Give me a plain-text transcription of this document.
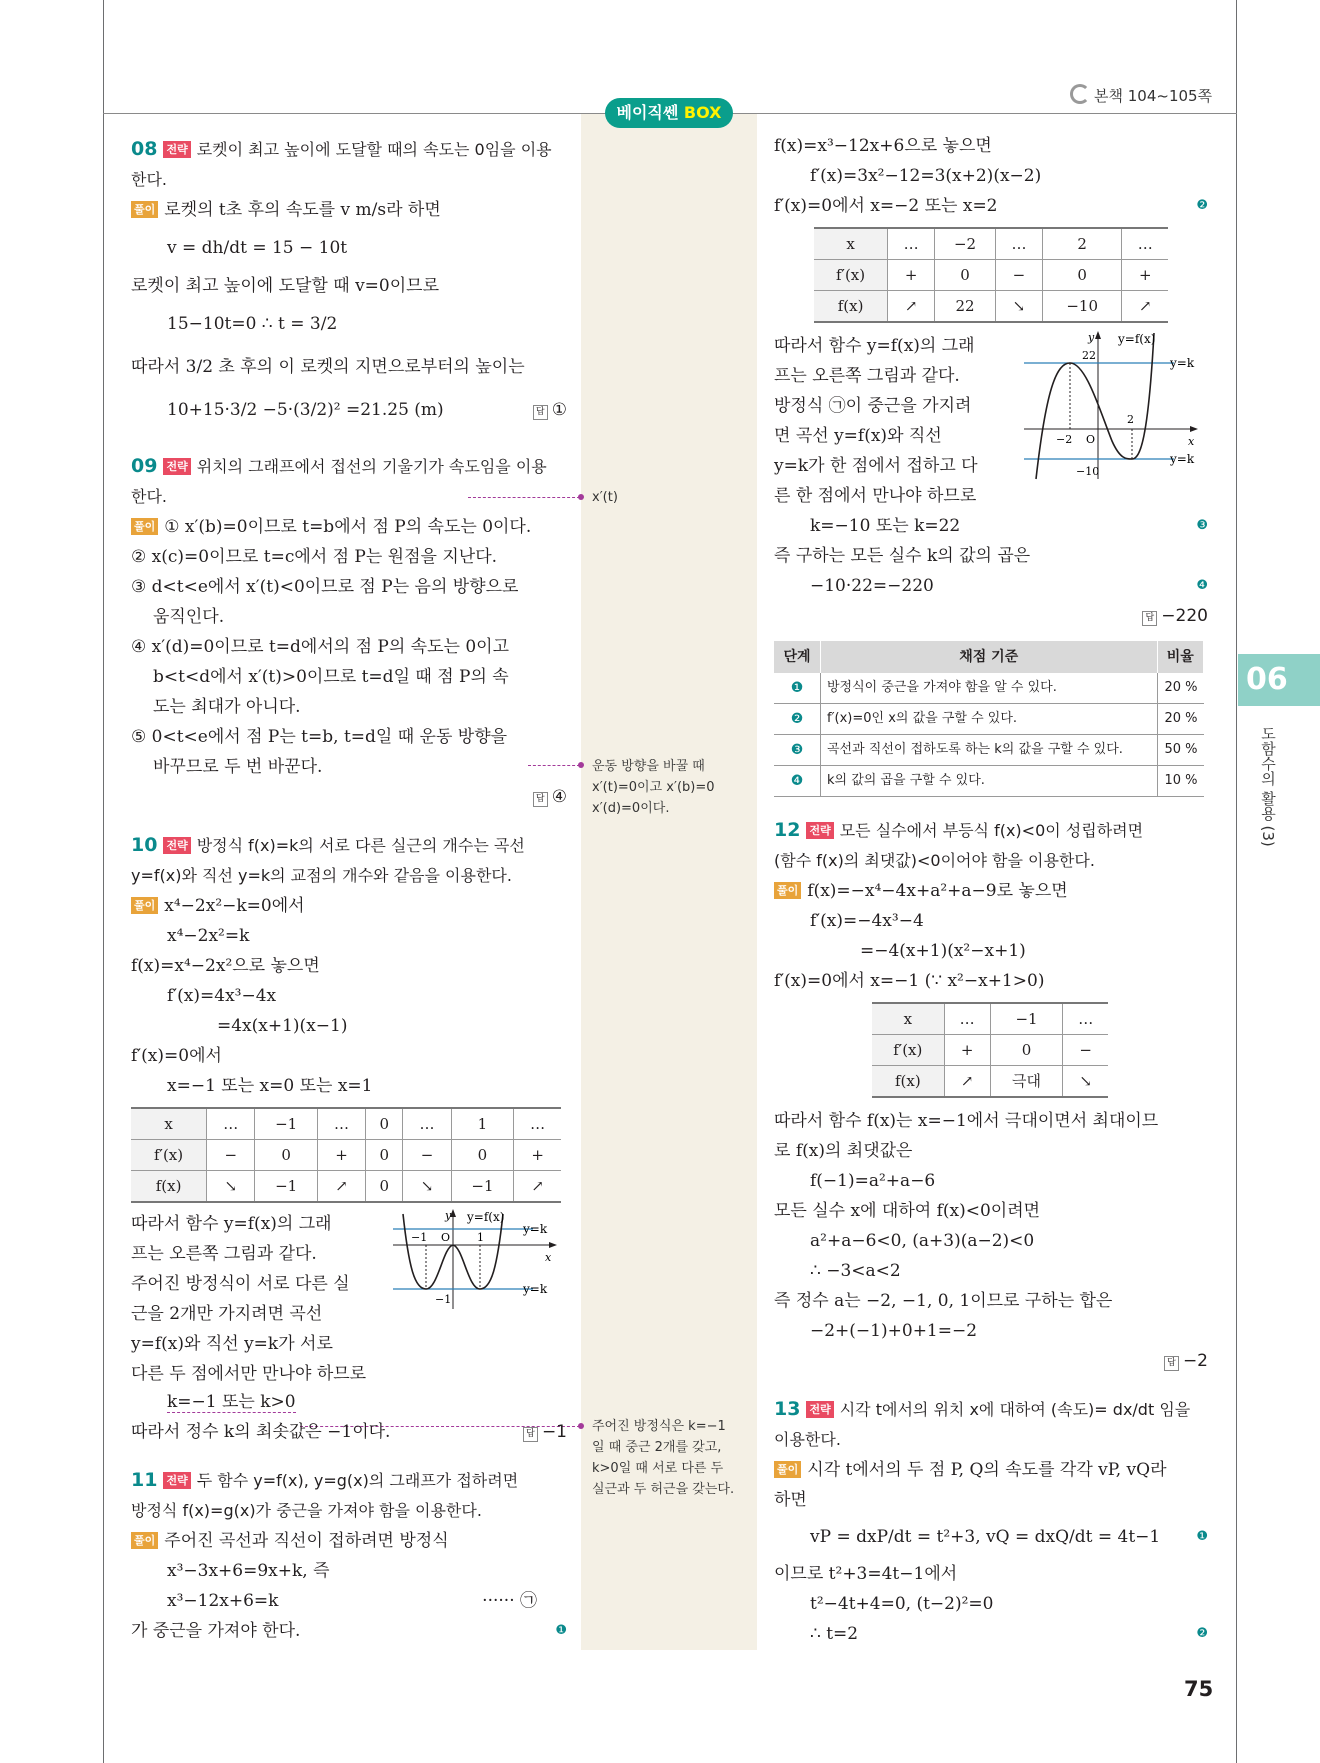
본책 104~105쪽
베이직쎈 BOX
06
도함수의 활용 (3)
75
x′(t)
운동 방향을 바꿀 때
x′(t)=0이고 x′(b)=0
x′(d)=0이다.
주어진 방정식은 k=−1
일 때 중근 2개를 갖고,
k>0일 때 서로 다른 두
실근과 두 허근을 갖는다.
08 전략 로켓이 최고 높이에 도달할 때의 속도는 0임을 이용
한다.
풀이 로켓의 t초 후의 속도를 v m/s라 하면
v = dh/dt = 15 − 10t
로켓이 최고 높이에 도달할 때 v=0이므로
15−10t=0 ∴ t = 3/2
따라서 3/2 초 후의 이 로켓의 지면으로부터의 높이는
10+15·3/2 −5·(3/2)² =21.25 (m)	답 ①
09 전략 위치의 그래프에서 접선의 기울기가 속도임을 이용
한다.
풀이 ① x′(b)=0이므로 t=b에서 점 P의 속도는 0이다.
② x(c)=0이므로 t=c에서 점 P는 원점을 지난다.
③ d<t<e에서 x′(t)<0이므로 점 P는 음의 방향으로
움직인다.
④ x′(d)=0이므로 t=d에서의 점 P의 속도는 0이고
b<t<d에서 x′(t)>0이므로 t=d일 때 점 P의 속
도는 최대가 아니다.
⑤ 0<t<e에서 점 P는 t=b, t=d일 때 운동 방향을
바꾸므로 두 번 바꾼다.
답 ④
10 전략 방정식 f(x)=k의 서로 다른 실근의 개수는 곡선
y=f(x)와 직선 y=k의 교점의 개수와 같음을 이용한다.
풀이 x⁴−2x²−k=0에서
x⁴−2x²=k
f(x)=x⁴−2x²으로 놓으면
f′(x)=4x³−4x
=4x(x+1)(x−1)
f′(x)=0에서
x=−1 또는 x=0 또는 x=1
x	…	−1	…	0	…	1	…
f′(x)	−	0	+	0	−	0	+
f(x)	↘	−1	↗	0	↘	−1	↗
따라서 함수 y=f(x)의 그래
프는 오른쪽 그림과 같다.
주어진 방정식이 서로 다른 실
근을 2개만 가지려면 곡선
y=f(x)와 직선 y=k가 서로
다른 두 점에서만 만나야 하므로
y y=f(x)
y=k
y=k
−1 O 1
x
−1
k=−1 또는 k>0
따라서 정수 k의 최솟값은 −1이다.	답 −1
11 전략 두 함수 y=f(x), y=g(x)의 그래프가 접하려면
방정식 f(x)=g(x)가 중근을 가져야 함을 이용한다.
풀이 주어진 곡선과 직선이 접하려면 방정식
x³−3x+6=9x+k, 즉
x³−12x+6=k	······ ㉠
가 중근을 가져야 한다.	❶
f(x)=x³−12x+6으로 놓으면
f′(x)=3x²−12=3(x+2)(x−2)
f′(x)=0에서 x=−2 또는 x=2	❷
x	…	−2	…	2	…
f′(x)	+	0	−	0	+
f(x)	↗	22	↘	−10	↗
따라서 함수 y=f(x)의 그래
프는 오른쪽 그림과 같다.
방정식 ㉠이 중근을 가지려
면 곡선 y=f(x)와 직선
y=k가 한 점에서 접하고 다
른 한 점에서 만나야 하므로
y y=f(x)
y=k
y=k
22
−2 O
2
x
−10
k=−10 또는 k=22	❸
즉 구하는 모든 실수 k의 값의 곱은
−10·22=−220	❹
답 −220
단계	채점 기준	비율
❶	방정식이 중근을 가져야 함을 알 수 있다.	20 %
❷	f′(x)=0인 x의 값을 구할 수 있다.	20 %
❸	곡선과 직선이 접하도록 하는 k의 값을 구할 수 있다.	50 %
❹	k의 값의 곱을 구할 수 있다.	10 %
12 전략 모든 실수에서 부등식 f(x)<0이 성립하려면
(함수 f(x)의 최댓값)<0이어야 함을 이용한다.
풀이 f(x)=−x⁴−4x+a²+a−9로 놓으면
f′(x)=−4x³−4
=−4(x+1)(x²−x+1)
f′(x)=0에서 x=−1 (∵ x²−x+1>0)
x	…	−1	…
f′(x)	+	0	−
f(x)	↗	극대	↘
따라서 함수 f(x)는 x=−1에서 극대이면서 최대이므
로 f(x)의 최댓값은
f(−1)=a²+a−6
모든 실수 x에 대하여 f(x)<0이려면
a²+a−6<0, (a+3)(a−2)<0
∴ −3<a<2
즉 정수 a는 −2, −1, 0, 1이므로 구하는 합은
−2+(−1)+0+1=−2
답 −2
13 전략 시각 t에서의 위치 x에 대하여 (속도)= dx/dt 임을
이용한다.
풀이 시각 t에서의 두 점 P, Q의 속도를 각각 vP, vQ라
하면
vP = dxP/dt = t²+3, vQ = dxQ/dt = 4t−1	❶
이므로 t²+3=4t−1에서
t²−4t+4=0, (t−2)²=0
∴ t=2	❷
